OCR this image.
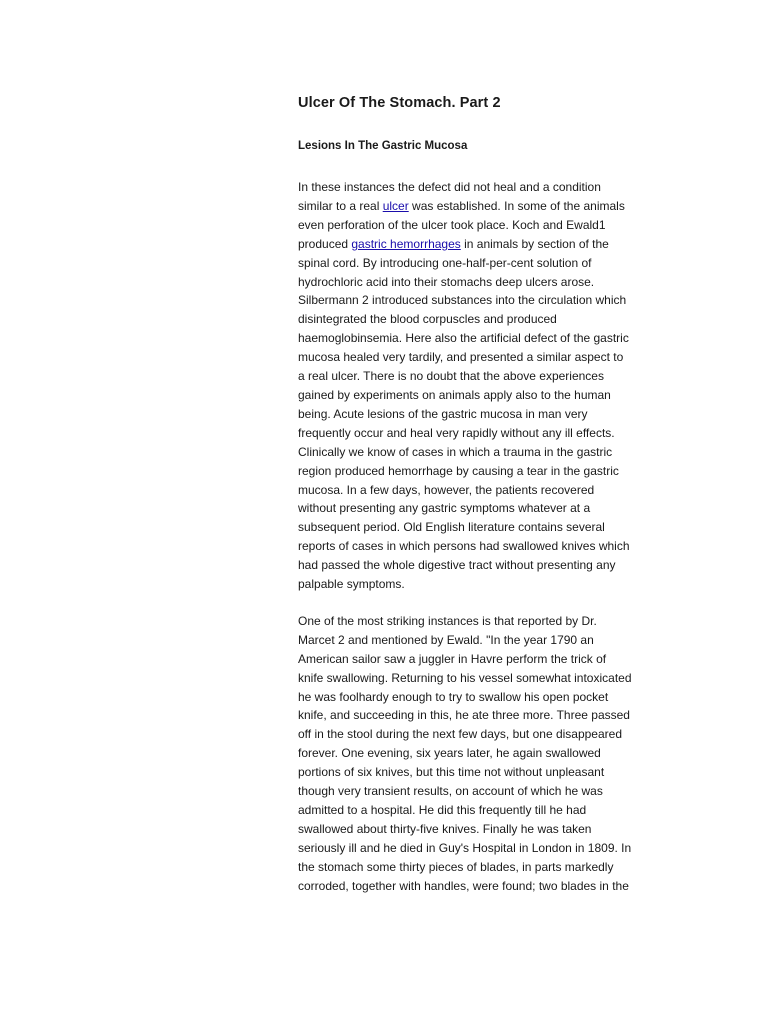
Ulcer Of The Stomach. Part 2
Lesions In The Gastric Mucosa

In these instances the defect did not heal and a condition
similar to a real ulcer was established. In some of the animals
even perforation of the ulcer took place. Koch and Ewald1
produced gastric hemorrhages in animals by section of the
spinal cord. By introducing one-half-per-cent solution of
hydrochloric acid into their stomachs deep ulcers arose.
Silbermann 2 introduced substances into the circulation which
disintegrated the blood corpuscles and produced
haemoglobinsemia. Here also the artificial defect of the gastric
mucosa healed very tardily, and presented a similar aspect to
a real ulcer. There is no doubt that the above experiences
gained by experiments on animals apply also to the human
being. Acute lesions of the gastric mucosa in man very
frequently occur and heal very rapidly without any ill effects.
Clinically we know of cases in which a trauma in the gastric
region produced hemorrhage by causing a tear in the gastric
mucosa. In a few days, however, the patients recovered
without presenting any gastric symptoms whatever at a
subsequent period. Old English literature contains several
reports of cases in which persons had swallowed knives which
had passed the whole digestive tract without presenting any
palpable symptoms.

One of the most striking instances is that reported by Dr.
Marcet 2 and mentioned by Ewald. "In the year 1790 an
American sailor saw a juggler in Havre perform the trick of
knife swallowing. Returning to his vessel somewhat intoxicated
he was foolhardy enough to try to swallow his open pocket
knife, and succeeding in this, he ate three more. Three passed
off in the stool during the next few days, but one disappeared
forever. One evening, six years later, he again swallowed
portions of six knives, but this time not without unpleasant
though very transient results, on account of which he was
admitted to a hospital. He did this frequently till he had
swallowed about thirty-five knives. Finally he was taken
seriously ill and he died in Guy's Hospital in London in 1809. In
the stomach some thirty pieces of blades, in parts markedly
corroded, together with handles, were found; two blades in the
